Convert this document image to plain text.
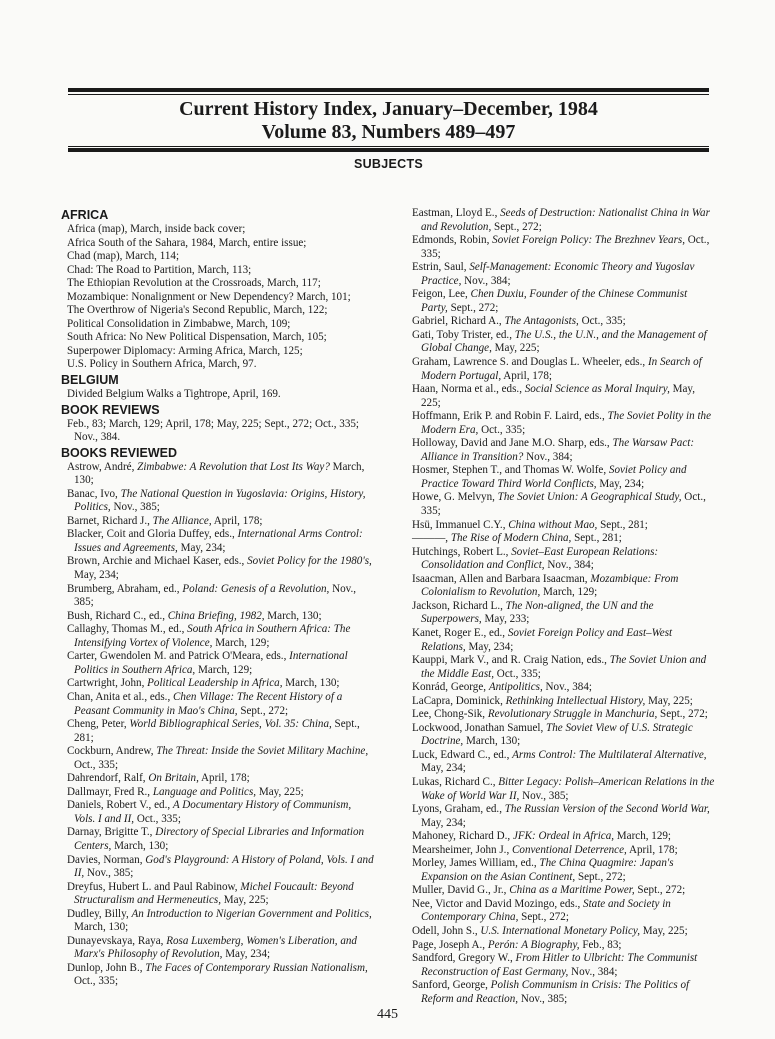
Current History Index, January–December, 1984
Volume 83, Numbers 489–497
SUBJECTS
AFRICA
Africa (map), March, inside back cover;
Africa South of the Sahara, 1984, March, entire issue;
Chad (map), March, 114;
Chad: The Road to Partition, March, 113;
The Ethiopian Revolution at the Crossroads, March, 117;
Mozambique: Nonalignment or New Dependency? March, 101;
The Overthrow of Nigeria's Second Republic, March, 122;
Political Consolidation in Zimbabwe, March, 109;
South Africa: No New Political Dispensation, March, 105;
Superpower Diplomacy: Arming Africa, March, 125;
U.S. Policy in Southern Africa, March, 97.
BELGIUM
Divided Belgium Walks a Tightrope, April, 169.
BOOK REVIEWS
Feb., 83; March, 129; April, 178; May, 225; Sept., 272; Oct., 335; Nov., 384.
BOOKS REVIEWED
Astrow, André, Zimbabwe: A Revolution that Lost Its Way? March, 130;
Banac, Ivo, The National Question in Yugoslavia: Origins, History, Politics, Nov., 385;
Barnet, Richard J., The Alliance, April, 178;
Blacker, Coit and Gloria Duffey, eds., International Arms Control: Issues and Agreements, May, 234;
Brown, Archie and Michael Kaser, eds., Soviet Policy for the 1980's, May, 234;
Brumberg, Abraham, ed., Poland: Genesis of a Revolution, Nov., 385;
Bush, Richard C., ed., China Briefing, 1982, March, 130;
Callaghy, Thomas M., ed., South Africa in Southern Africa: The Intensifying Vortex of Violence, March, 129;
Carter, Gwendolen M. and Patrick O'Meara, eds., International Politics in Southern Africa, March, 129;
Cartwright, John, Political Leadership in Africa, March, 130;
Chan, Anita et al., eds., Chen Village: The Recent History of a Peasant Community in Mao's China, Sept., 272;
Cheng, Peter, World Bibliographical Series, Vol. 35: China, Sept., 281;
Cockburn, Andrew, The Threat: Inside the Soviet Military Machine, Oct., 335;
Dahrendorf, Ralf, On Britain, April, 178;
Dallmayr, Fred R., Language and Politics, May, 225;
Daniels, Robert V., ed., A Documentary History of Communism, Vols. I and II, Oct., 335;
Darnay, Brigitte T., Directory of Special Libraries and Information Centers, March, 130;
Davies, Norman, God's Playground: A History of Poland, Vols. I and II, Nov., 385;
Dreyfus, Hubert L. and Paul Rabinow, Michel Foucault: Beyond Structuralism and Hermeneutics, May, 225;
Dudley, Billy, An Introduction to Nigerian Government and Politics, March, 130;
Dunayevskaya, Raya, Rosa Luxemberg, Women's Liberation, and Marx's Philosophy of Revolution, May, 234;
Dunlop, John B., The Faces of Contemporary Russian Nationalism, Oct., 335;
Eastman, Lloyd E., Seeds of Destruction: Nationalist China in War and Revolution, Sept., 272;
Edmonds, Robin, Soviet Foreign Policy: The Brezhnev Years, Oct., 335;
Estrin, Saul, Self-Management: Economic Theory and Yugoslav Practice, Nov., 384;
Feigon, Lee, Chen Duxiu, Founder of the Chinese Communist Party, Sept., 272;
Gabriel, Richard A., The Antagonists, Oct., 335;
Gati, Toby Trister, ed., The U.S., the U.N., and the Management of Global Change, May, 225;
Graham, Lawrence S. and Douglas L. Wheeler, eds., In Search of Modern Portugal, April, 178;
Haan, Norma et al., eds., Social Science as Moral Inquiry, May, 225;
Hoffmann, Erik P. and Robin F. Laird, eds., The Soviet Polity in the Modern Era, Oct., 335;
Holloway, David and Jane M.O. Sharp, eds., The Warsaw Pact: Alliance in Transition? Nov., 384;
Hosmer, Stephen T., and Thomas W. Wolfe, Soviet Policy and Practice Toward Third World Conflicts, May, 234;
Howe, G. Melvyn, The Soviet Union: A Geographical Study, Oct., 335;
Hsü, Immanuel C.Y., China without Mao, Sept., 281;
———, The Rise of Modern China, Sept., 281;
Hutchings, Robert L., Soviet–East European Relations: Consolidation and Conflict, Nov., 384;
Isaacman, Allen and Barbara Isaacman, Mozambique: From Colonialism to Revolution, March, 129;
Jackson, Richard L., The Non-aligned, the UN and the Superpowers, May, 233;
Kanet, Roger E., ed., Soviet Foreign Policy and East–West Relations, May, 234;
Kauppi, Mark V., and R. Craig Nation, eds., The Soviet Union and the Middle East, Oct., 335;
Konrád, George, Antipolitics, Nov., 384;
LaCapra, Dominick, Rethinking Intellectual History, May, 225;
Lee, Chong-Sik, Revolutionary Struggle in Manchuria, Sept., 272;
Lockwood, Jonathan Samuel, The Soviet View of U.S. Strategic Doctrine, March, 130;
Luck, Edward C., ed., Arms Control: The Multilateral Alternative, May, 234;
Lukas, Richard C., Bitter Legacy: Polish–American Relations in the Wake of World War II, Nov., 385;
Lyons, Graham, ed., The Russian Version of the Second World War, May, 234;
Mahoney, Richard D., JFK: Ordeal in Africa, March, 129;
Mearsheimer, John J., Conventional Deterrence, April, 178;
Morley, James William, ed., The China Quagmire: Japan's Expansion on the Asian Continent, Sept., 272;
Muller, David G., Jr., China as a Maritime Power, Sept., 272;
Nee, Victor and David Mozingo, eds., State and Society in Contemporary China, Sept., 272;
Odell, John S., U.S. International Monetary Policy, May, 225;
Page, Joseph A., Perón: A Biography, Feb., 83;
Sandford, Gregory W., From Hitler to Ulbricht: The Communist Reconstruction of East Germany, Nov., 384;
Sanford, George, Polish Communism in Crisis: The Politics of Reform and Reaction, Nov., 385;
445
